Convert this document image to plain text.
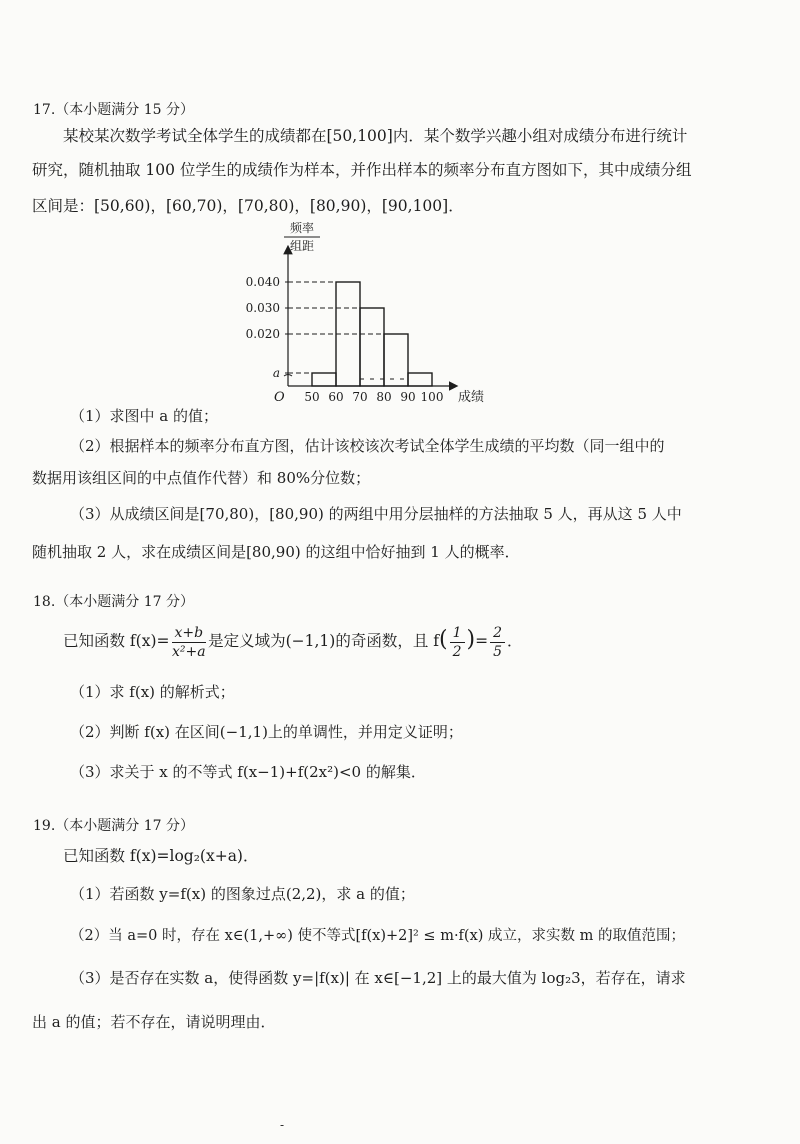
17.（本小题满分 15 分）
某校某次数学考试全体学生的成绩都在[50,100]内．某个数学兴趣小组对成绩分布进行统计
研究，随机抽取 100 位学生的成绩作为样本，并作出样本的频率分布直方图如下，其中成绩分组
区间是：[50,60)，[60,70)，[70,80)，[80,90)，[90,100]．
0.040
0.030
0.020
a
50 60 70 80 90 100
O	成绩
频率
组距
（1）求图中 a 的值；
（2）根据样本的频率分布直方图，估计该校该次考试全体学生成绩的平均数（同一组中的
数据用该组区间的中点值作代替）和 80%分位数；
（3）从成绩区间是[70,80)，[80,90) 的两组中用分层抽样的方法抽取 5 人，再从这 5 人中
随机抽取 2 人，求在成绩区间是[80,90) 的这组中恰好抽到 1 人的概率．
18.（本小题满分 17 分）
已知函数 $f(x)= \frac{x+b}{\text{x²+a}}$ 是定义域为(−1,1)的奇函数，且 $f( \frac{1}{2}$ )= $\frac{2}{5}$ ．
（1）求 f(x) 的解析式；
（2）判断 f(x) 在区间(−1,1)上的单调性，并用定义证明；
（3）求关于 x 的不等式 f(x−1)+f(2x²)<0 的解集．
19.（本小题满分 17 分）
已知函数 f(x)=log₂(x+a)．
（1）若函数 y=f(x) 的图象过点(2,2)，求 a 的值；
（2）当 a=0 时，存在 x∈(1,+∞) 使不等式[f(x)+2]² ≤ m·f(x) 成立，求实数 m 的取值范围；
（3）是否存在实数 a，使得函数 y=|f(x)| 在 x∈[−1,2] 上的最大值为 log₂3，若存在，请求
出 a 的值；若不存在，请说明理由．
-
